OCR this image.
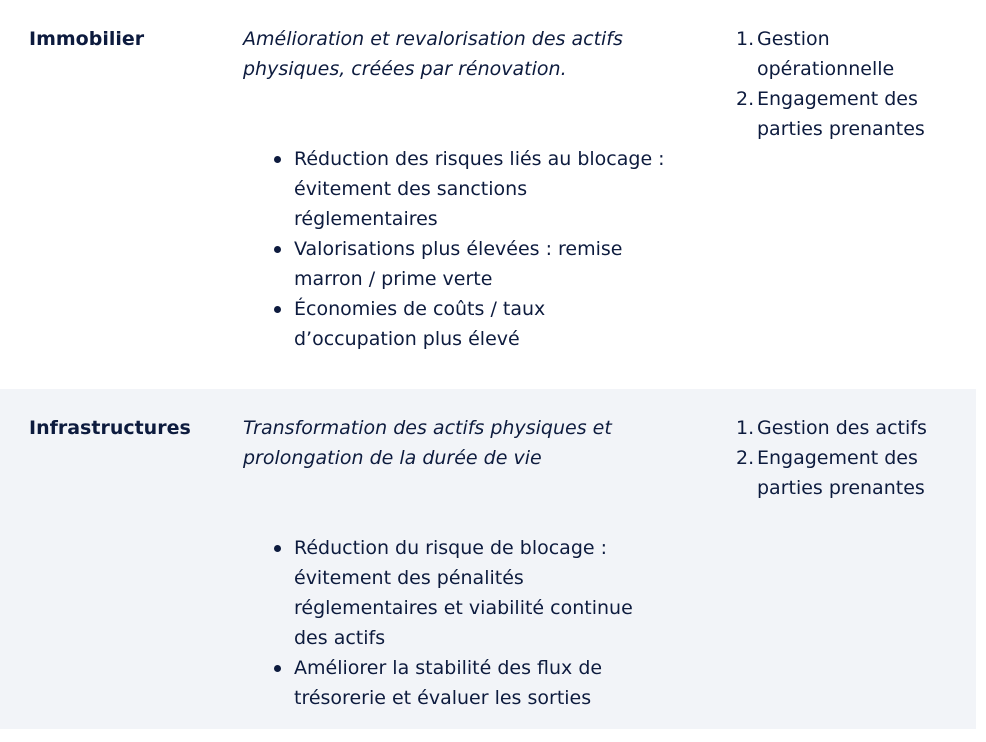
Immobilier	Amélioration et revalorisation des actifs physiques, créées par rénovation.

Réduction des risques liés au blocage : évitement des sanctions réglementaires
Valorisations plus élevées : remise marron / prime verte
Économies de coûts / taux d’occupation plus élevé
1. Gestion opérationnelle
2. Engagement des parties prenantes
Infrastructures	Transformation des actifs physiques et prolongation de la durée de vie

Réduction du risque de blocage : évitement des pénalités réglementaires et viabilité continue des actifs
Améliorer la stabilité des flux de trésorerie et évaluer les sorties
1. Gestion des actifs
2. Engagement des parties prenantes
